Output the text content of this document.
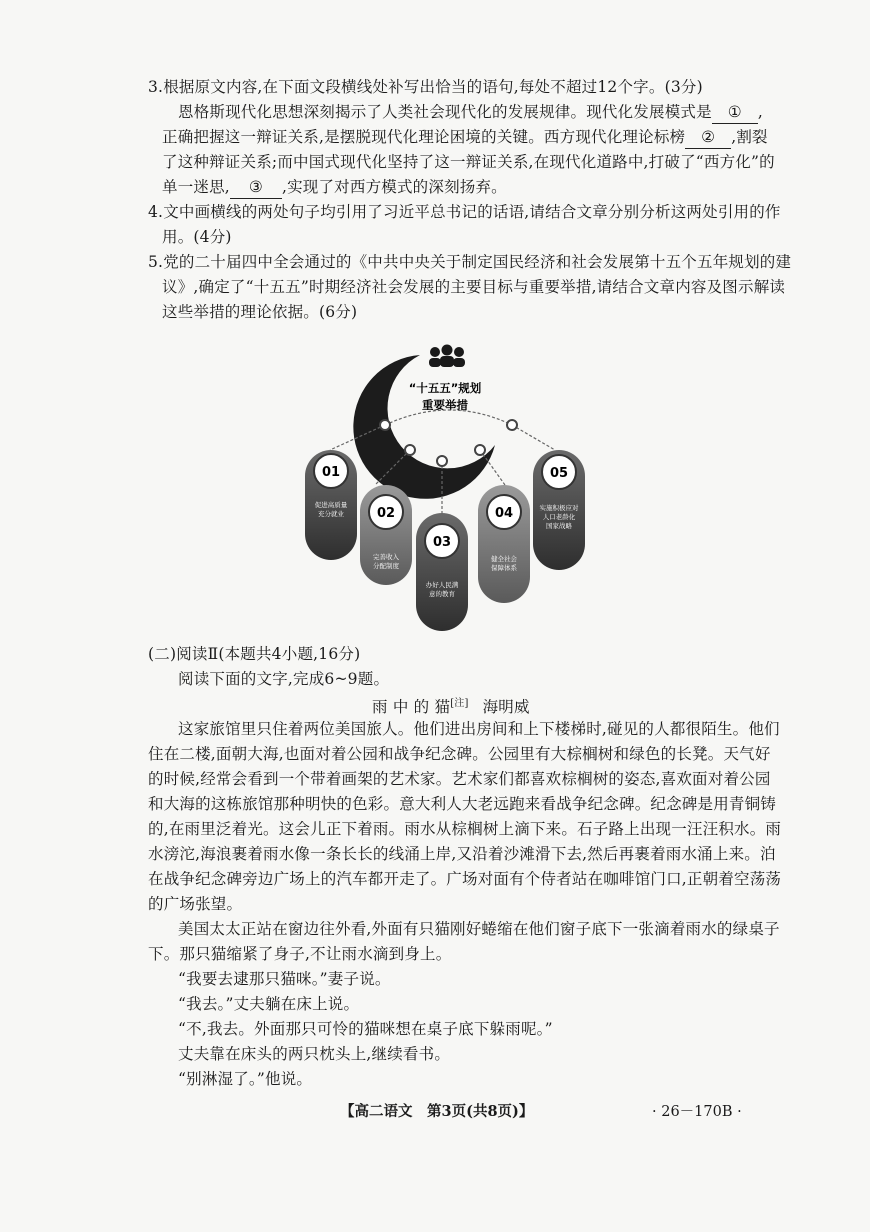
3.根据原文内容,在下面文段横线处补写出恰当的语句,每处不超过12个字。(3分)
恩格斯现代化思想深刻揭示了人类社会现代化的发展规律。现代化发展模式是 ① ,
正确把握这一辩证关系,是摆脱现代化理论困境的关键。西方现代化理论标榜 ② ,割裂
了这种辩证关系;而中国式现代化坚持了这一辩证关系,在现代化道路中,打破了“西方化”的
单一迷思, ③ ,实现了对西方模式的深刻扬弃。
4.文中画横线的两处句子均引用了习近平总书记的话语,请结合文章分别分析这两处引用的作
用。(4分)
5.党的二十届四中全会通过的《中共中央关于制定国民经济和社会发展第十五个五年规划的建
议》,确定了“十五五”时期经济社会发展的主要目标与重要举措,请结合文章内容及图示解读
这些举措的理论依据。(6分)
“十五五”规划
重要举措
01
促进高质量充分就业	02
完善收入分配制度
03
办好人民满意的教育
04
健全社会保障体系
05
实施积极应对人口老龄化国家战略
(二)阅读Ⅱ(本题共4小题,16分)
阅读下面的文字,完成6~9题。
雨 中 的 猫[注] 海明威
这家旅馆里只住着两位美国旅人。他们进出房间和上下楼梯时,碰见的人都很陌生。他们
住在二楼,面朝大海,也面对着公园和战争纪念碑。公园里有大棕榈树和绿色的长凳。天气好
的时候,经常会看到一个带着画架的艺术家。艺术家们都喜欢棕榈树的姿态,喜欢面对着公园
和大海的这栋旅馆那种明快的色彩。意大利人大老远跑来看战争纪念碑。纪念碑是用青铜铸
的,在雨里泛着光。这会儿正下着雨。雨水从棕榈树上滴下来。石子路上出现一汪汪积水。雨
水滂沱,海浪裹着雨水像一条长长的线涌上岸,又沿着沙滩滑下去,然后再裹着雨水涌上来。泊
在战争纪念碑旁边广场上的汽车都开走了。广场对面有个侍者站在咖啡馆门口,正朝着空荡荡
的广场张望。
美国太太正站在窗边往外看,外面有只猫刚好蜷缩在他们窗子底下一张滴着雨水的绿桌子
下。那只猫缩紧了身子,不让雨水滴到身上。
“我要去逮那只猫咪。”妻子说。
“我去。”丈夫躺在床上说。
“不,我去。外面那只可怜的猫咪想在桌子底下躲雨呢。”
丈夫靠在床头的两只枕头上,继续看书。
“别淋湿了。”他说。
【高二语文　第3页(共8页)】	· 26－170B ·
